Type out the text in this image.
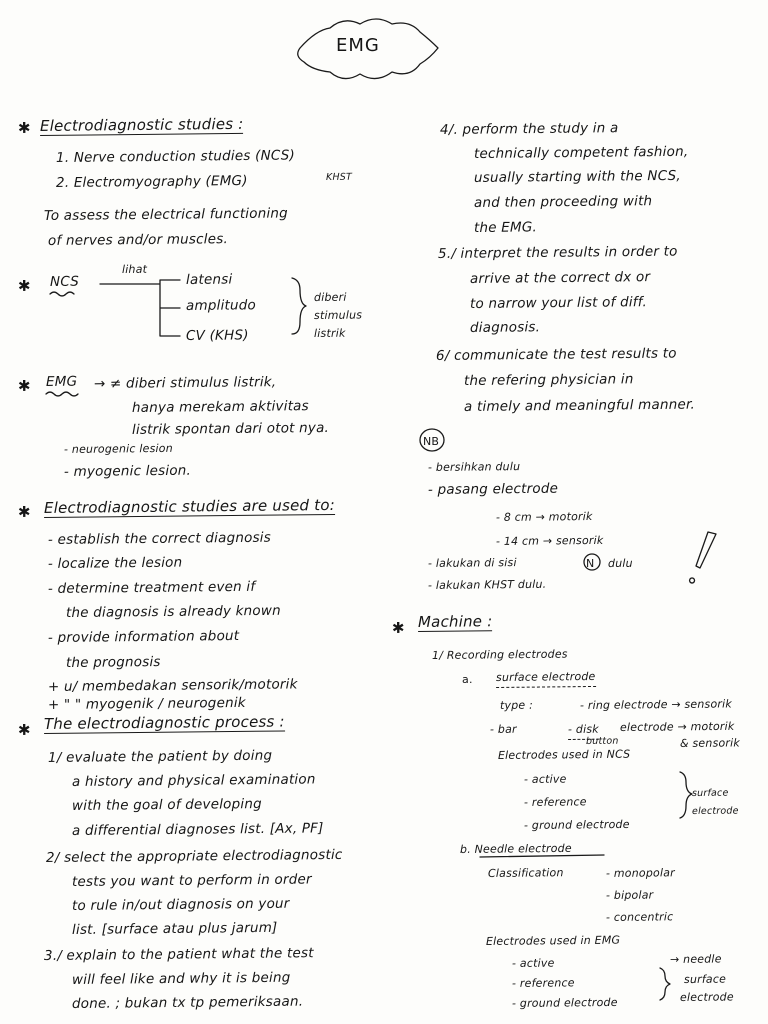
EMG
✱ Electrodiagnostic studies :
1. Nerve conduction studies (NCS)
2. Electromyography (EMG)	KHST
To assess the electrical functioning
of nerves and/or muscles.
✱ NCS
lihat
latensi
amplitudo
CV (KHS)
diberi
stimulus
listrik
✱ EMG → ≠ diberi stimulus listrik,
hanya merekam aktivitas
listrik spontan dari otot nya.
- neurogenic lesion
- myogenic lesion.
✱ Electrodiagnostic studies are used to:
- establish the correct diagnosis
- localize the lesion
- determine treatment even if
the diagnosis is already known
- provide information about
the prognosis
+ u/ membedakan sensorik/motorik
+ " " myogenik / neurogenik
✱ The electrodiagnostic process :
1/ evaluate the patient by doing
a history and physical examination
with the goal of developing
a differential diagnoses list. [Ax, PF]
2/ select the appropriate electrodiagnostic
tests you want to perform in order
to rule in/out diagnosis on your
list. [surface atau plus jarum]
3./ explain to the patient what the test
will feel like and why it is being
done. ; bukan tx tp pemeriksaan.
4/. perform the study in a
technically competent fashion,
usually starting with the NCS,
and then proceeding with
the EMG.
5./ interpret the results in order to
arrive at the correct dx or
to narrow your list of diff.
diagnosis.
6/ communicate the test results to
the refering physician in
a timely and meaningful manner.
NB
- bersihkan dulu
- pasang electrode
- 8 cm → motorik
- 14 cm → sensorik
- lakukan di sisi	N dulu
- lakukan KHST dulu.
✱ Machine :
1/ Recording electrodes
a. surface electrode
type :	- ring electrode → sensorik
- bar	- disk
button
electrode → motorik
& sensorik
Electrodes used in NCS
- active
- reference
- ground electrode
surface
electrode
b. Needle electrode
Classification	- monopolar
- bipolar
- concentric
Electrodes used in EMG
- active
- reference
- ground electrode
→ needle
surface
electrode
